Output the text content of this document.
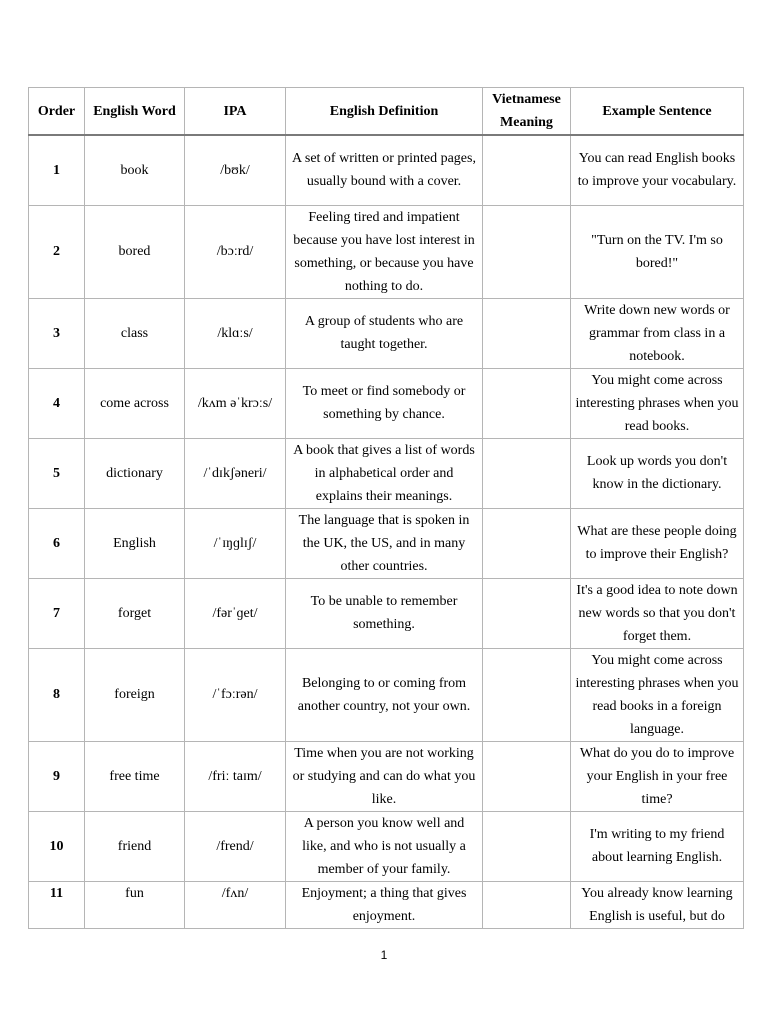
Order	English Word	IPA	English Definition	Vietnamese Meaning	Example Sentence
1	book	/bʊk/	A set of written or printed pages, usually bound with a cover.		You can read English books to improve your vocabulary.
2	bored	/bɔːrd/	Feeling tired and impatient because you have lost interest in something, or because you have nothing to do.		"Turn on the TV. I'm so bored!"
3	class	/klɑːs/	A group of students who are taught together.		Write down new words or grammar from class in a notebook.
4	come across	/kʌm əˈkrɔːs/	To meet or find somebody or something by chance.		You might come across interesting phrases when you read books.
5	dictionary	/ˈdɪkʃəneri/	A book that gives a list of words in alphabetical order and explains their meanings.		Look up words you don't know in the dictionary.
6	English	/ˈɪŋɡlɪʃ/	The language that is spoken in the UK, the US, and in many other countries.		What are these people doing to improve their English?
7	forget	/fərˈɡet/	To be unable to remember something.		It's a good idea to note down new words so that you don't forget them.
8	foreign	/ˈfɔːrən/	Belonging to or coming from another country, not your own.		You might come across interesting phrases when you read books in a foreign language.
9	free time	/friː taɪm/	Time when you are not working or studying and can do what you like.		What do you do to improve your English in your free time?
10	friend	/frend/	A person you know well and like, and who is not usually a member of your family.		I'm writing to my friend about learning English.
11	fun	/fʌn/	Enjoyment; a thing that gives enjoyment.		You already know learning English is useful, but do
1
